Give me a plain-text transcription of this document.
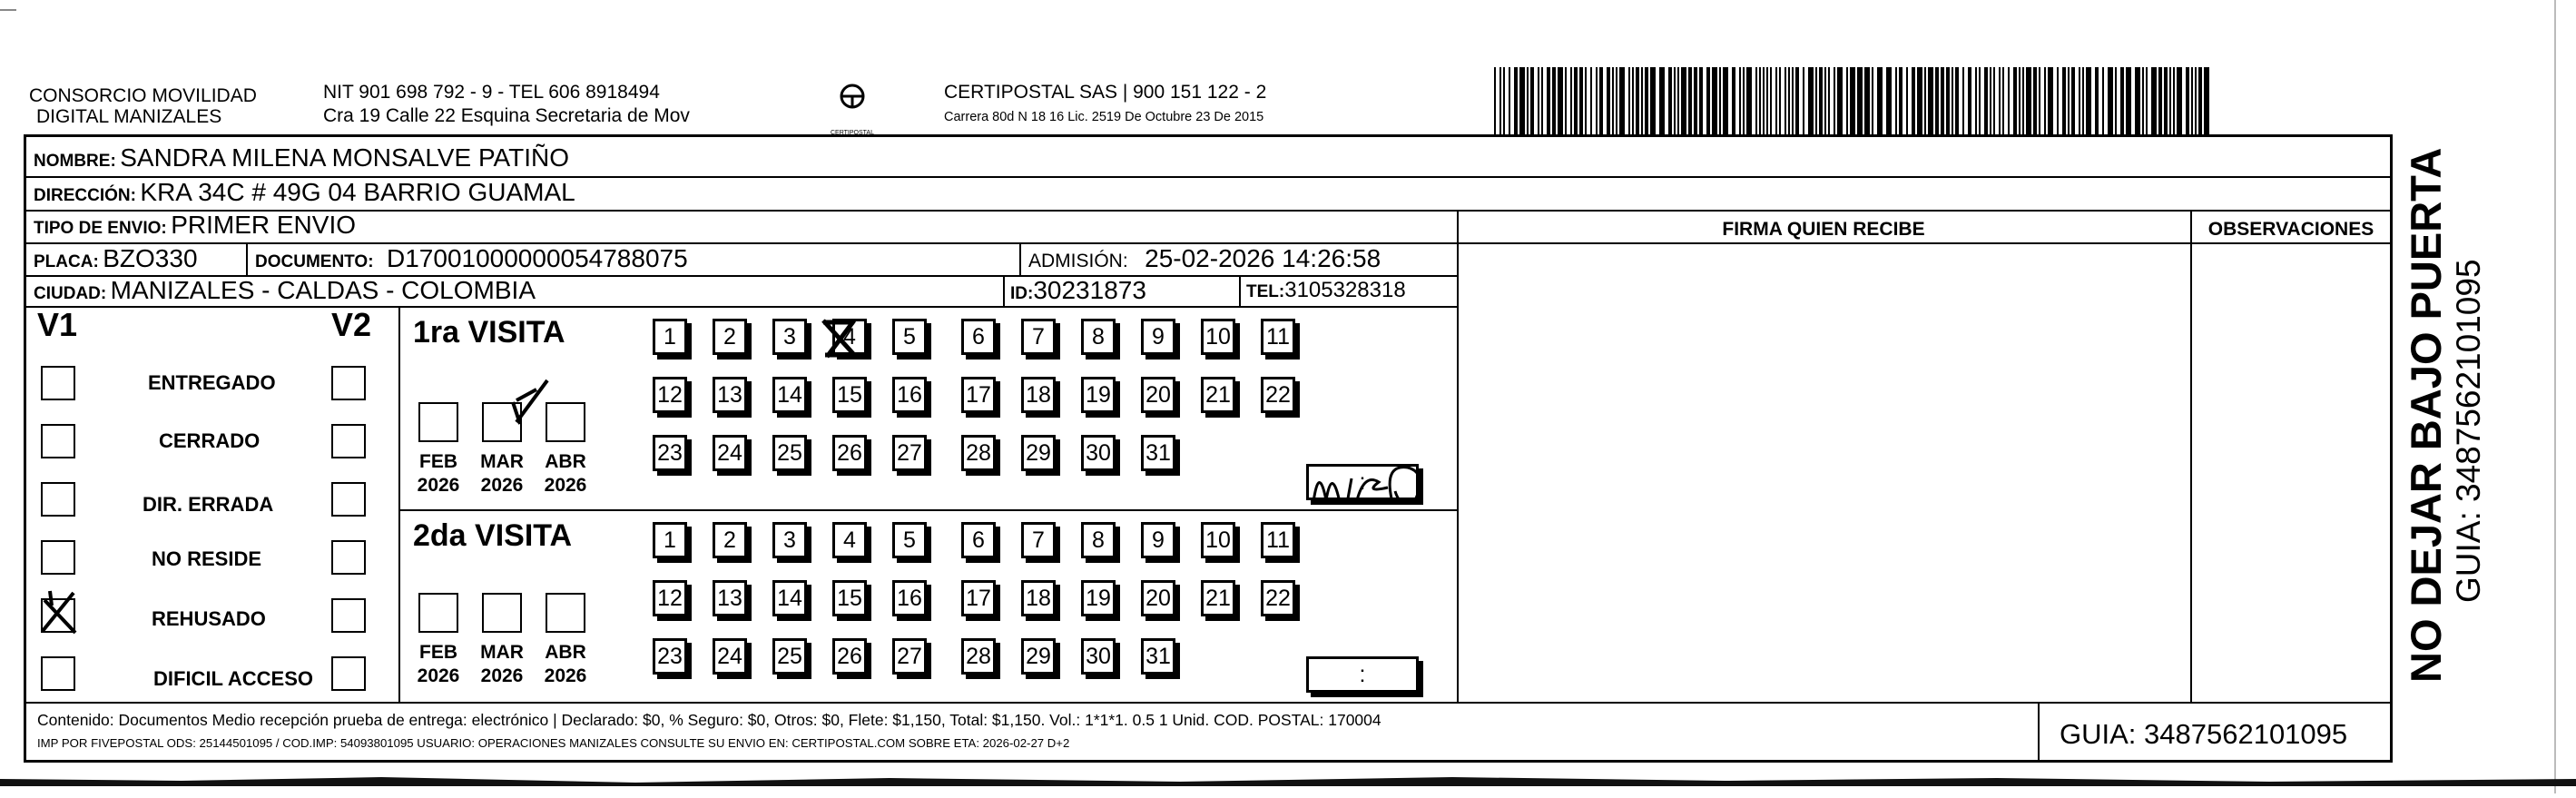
CONSORCIO MOVILIDAD
DIGITAL MANIZALES
NIT 901 698 792 - 9 - TEL 606 8918494
Cra 19 Calle 22 Esquina Secretaria de Mov
CERTIPOSTAL
CERTIPOSTAL SAS | 900 151 122 - 2
Carrera 80d N 18 16 Lic. 2519 De Octubre 23 De 2015
NOMBRE: SANDRA MILENA MONSALVE PATIÑO
DIRECCIÓN: KRA 34C # 49G 04 BARRIO GUAMAL
TIPO DE ENVIO: PRIMER ENVIO
PLACA: BZO330	DOCUMENTO: D17001000000054788075	ADMISIÓN: 25-02-2026 14:26:58
CIUDAD: MANIZALES - CALDAS - COLOMBIA	ID:30231873	TEL:3105328318
FIRMA QUIEN RECIBE	OBSERVACIONES
V1	V2
ENTREGADO
CERRADO
DIR. ERRADA
NO RESIDE
REHUSADO
DIFICIL ACCESO
1ra VISITA
FEB
2026
MAR
2026
ABR
2026
1	2	3	4	5	6	7	8	9	10 11
12 13 14 15 16 17 18 19 20 21 22
23 24 25 26 27 28 29 30 31
:
2da VISITA
FEB
2026
MAR
2026
ABR
2026
1	2	3	4	5	6	7	8	9	10 11
12 13 14 15 16 17 18 19 20 21 22
23 24 25 26 27 28 29 30 31
:
Contenido: Documentos Medio recepción prueba de entrega: electrónico | Declarado: $0, % Seguro: $0, Otros: $0, Flete: $1,150, Total: $1,150. Vol.: 1*1*1. 0.5 1 Unid. COD. POSTAL: 170004
IMP POR FIVEPOSTAL ODS: 25144501095 / COD.IMP: 54093801095 USUARIO: OPERACIONES MANIZALES CONSULTE SU ENVIO EN: CERTIPOSTAL.COM SOBRE ETA: 2026-02-27 D+2	GUIA: 3487562101095
NO DEJAR BAJO PUERTA GUIA: 3487562101095
